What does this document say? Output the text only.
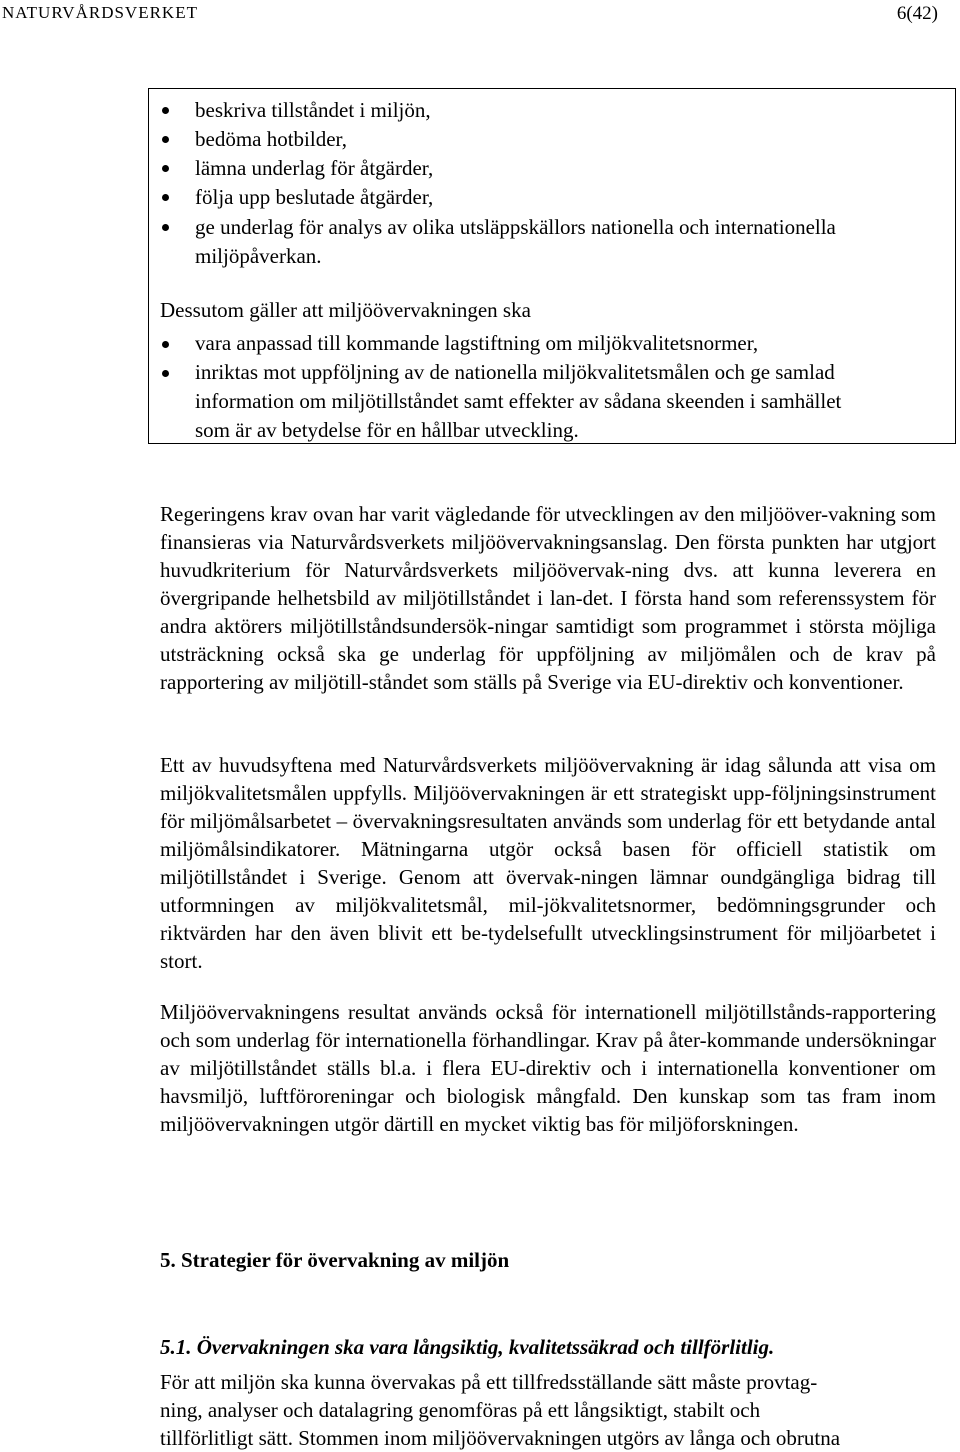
NATURVÅRDSVERKET	6(42)
beskriva tillståndet i miljön,
bedöma hotbilder,
lämna underlag för åtgärder,
följa upp beslutade åtgärder,
ge underlag för analys av olika utsläppskällors nationella och internationella
miljöpåverkan.
Dessutom gäller att miljöövervakningen ska
vara anpassad till kommande lagstiftning om miljökvalitetsnormer,
inriktas mot uppföljning av de nationella miljökvalitetsmålen och ge samlad
information om miljötillståndet samt effekter av sådana skeenden i samhället
som är av betydelse för en hållbar utveckling.
Regeringens krav ovan har varit vägledande för utvecklingen av den miljööver-vakning som finansieras via Naturvårdsverkets miljöövervakningsanslag. Den första punkten har utgjort huvudkriterium för Naturvårdsverkets miljöövervak-ning dvs. att kunna leverera en övergripande helhetsbild av miljötillståndet i lan-det. I första hand som referenssystem för andra aktörers miljötillståndsundersök-ningar samtidigt som programmet i största möjliga utsträckning också ska ge underlag för uppföljning av miljömålen och de krav på rapportering av miljötill-ståndet som ställs på Sverige via EU-direktiv och konventioner.
Ett av huvudsyftena med Naturvårdsverkets miljöövervakning är idag sålunda att visa om miljökvalitetsmålen uppfylls. Miljöövervakningen är ett strategiskt upp-följningsinstrument för miljömålsarbetet – övervakningsresultaten används som underlag för ett betydande antal miljömålsindikatorer. Mätningarna utgör också basen för officiell statistik om miljötillståndet i Sverige. Genom att övervak-ningen lämnar oundgängliga bidrag till utformningen av miljökvalitetsmål, mil-jökvalitetsnormer, bedömningsgrunder och riktvärden har den även blivit ett be-tydelsefullt utvecklingsinstrument för miljöarbetet i stort.
Miljöövervakningens resultat används också för internationell miljötillstånds-rapportering och som underlag för internationella förhandlingar. Krav på åter-kommande undersökningar av miljötillståndet ställs bl.a. i flera EU-direktiv och i internationella konventioner om havsmiljö, luftföroreningar och biologisk mångfald. Den kunskap som tas fram inom miljöövervakningen utgör därtill en mycket viktig bas för miljöforskningen.
5. Strategier för övervakning av miljön
5.1. Övervakningen ska vara långsiktig, kvalitetssäkrad och tillförlitlig.
För att miljön ska kunna övervakas på ett tillfredsställande sätt måste provtag-
ning, analyser och datalagring genomföras på ett långsiktigt, stabilt och
tillförlitligt sätt. Stommen inom miljöövervakningen utgörs av långa och obrutna
